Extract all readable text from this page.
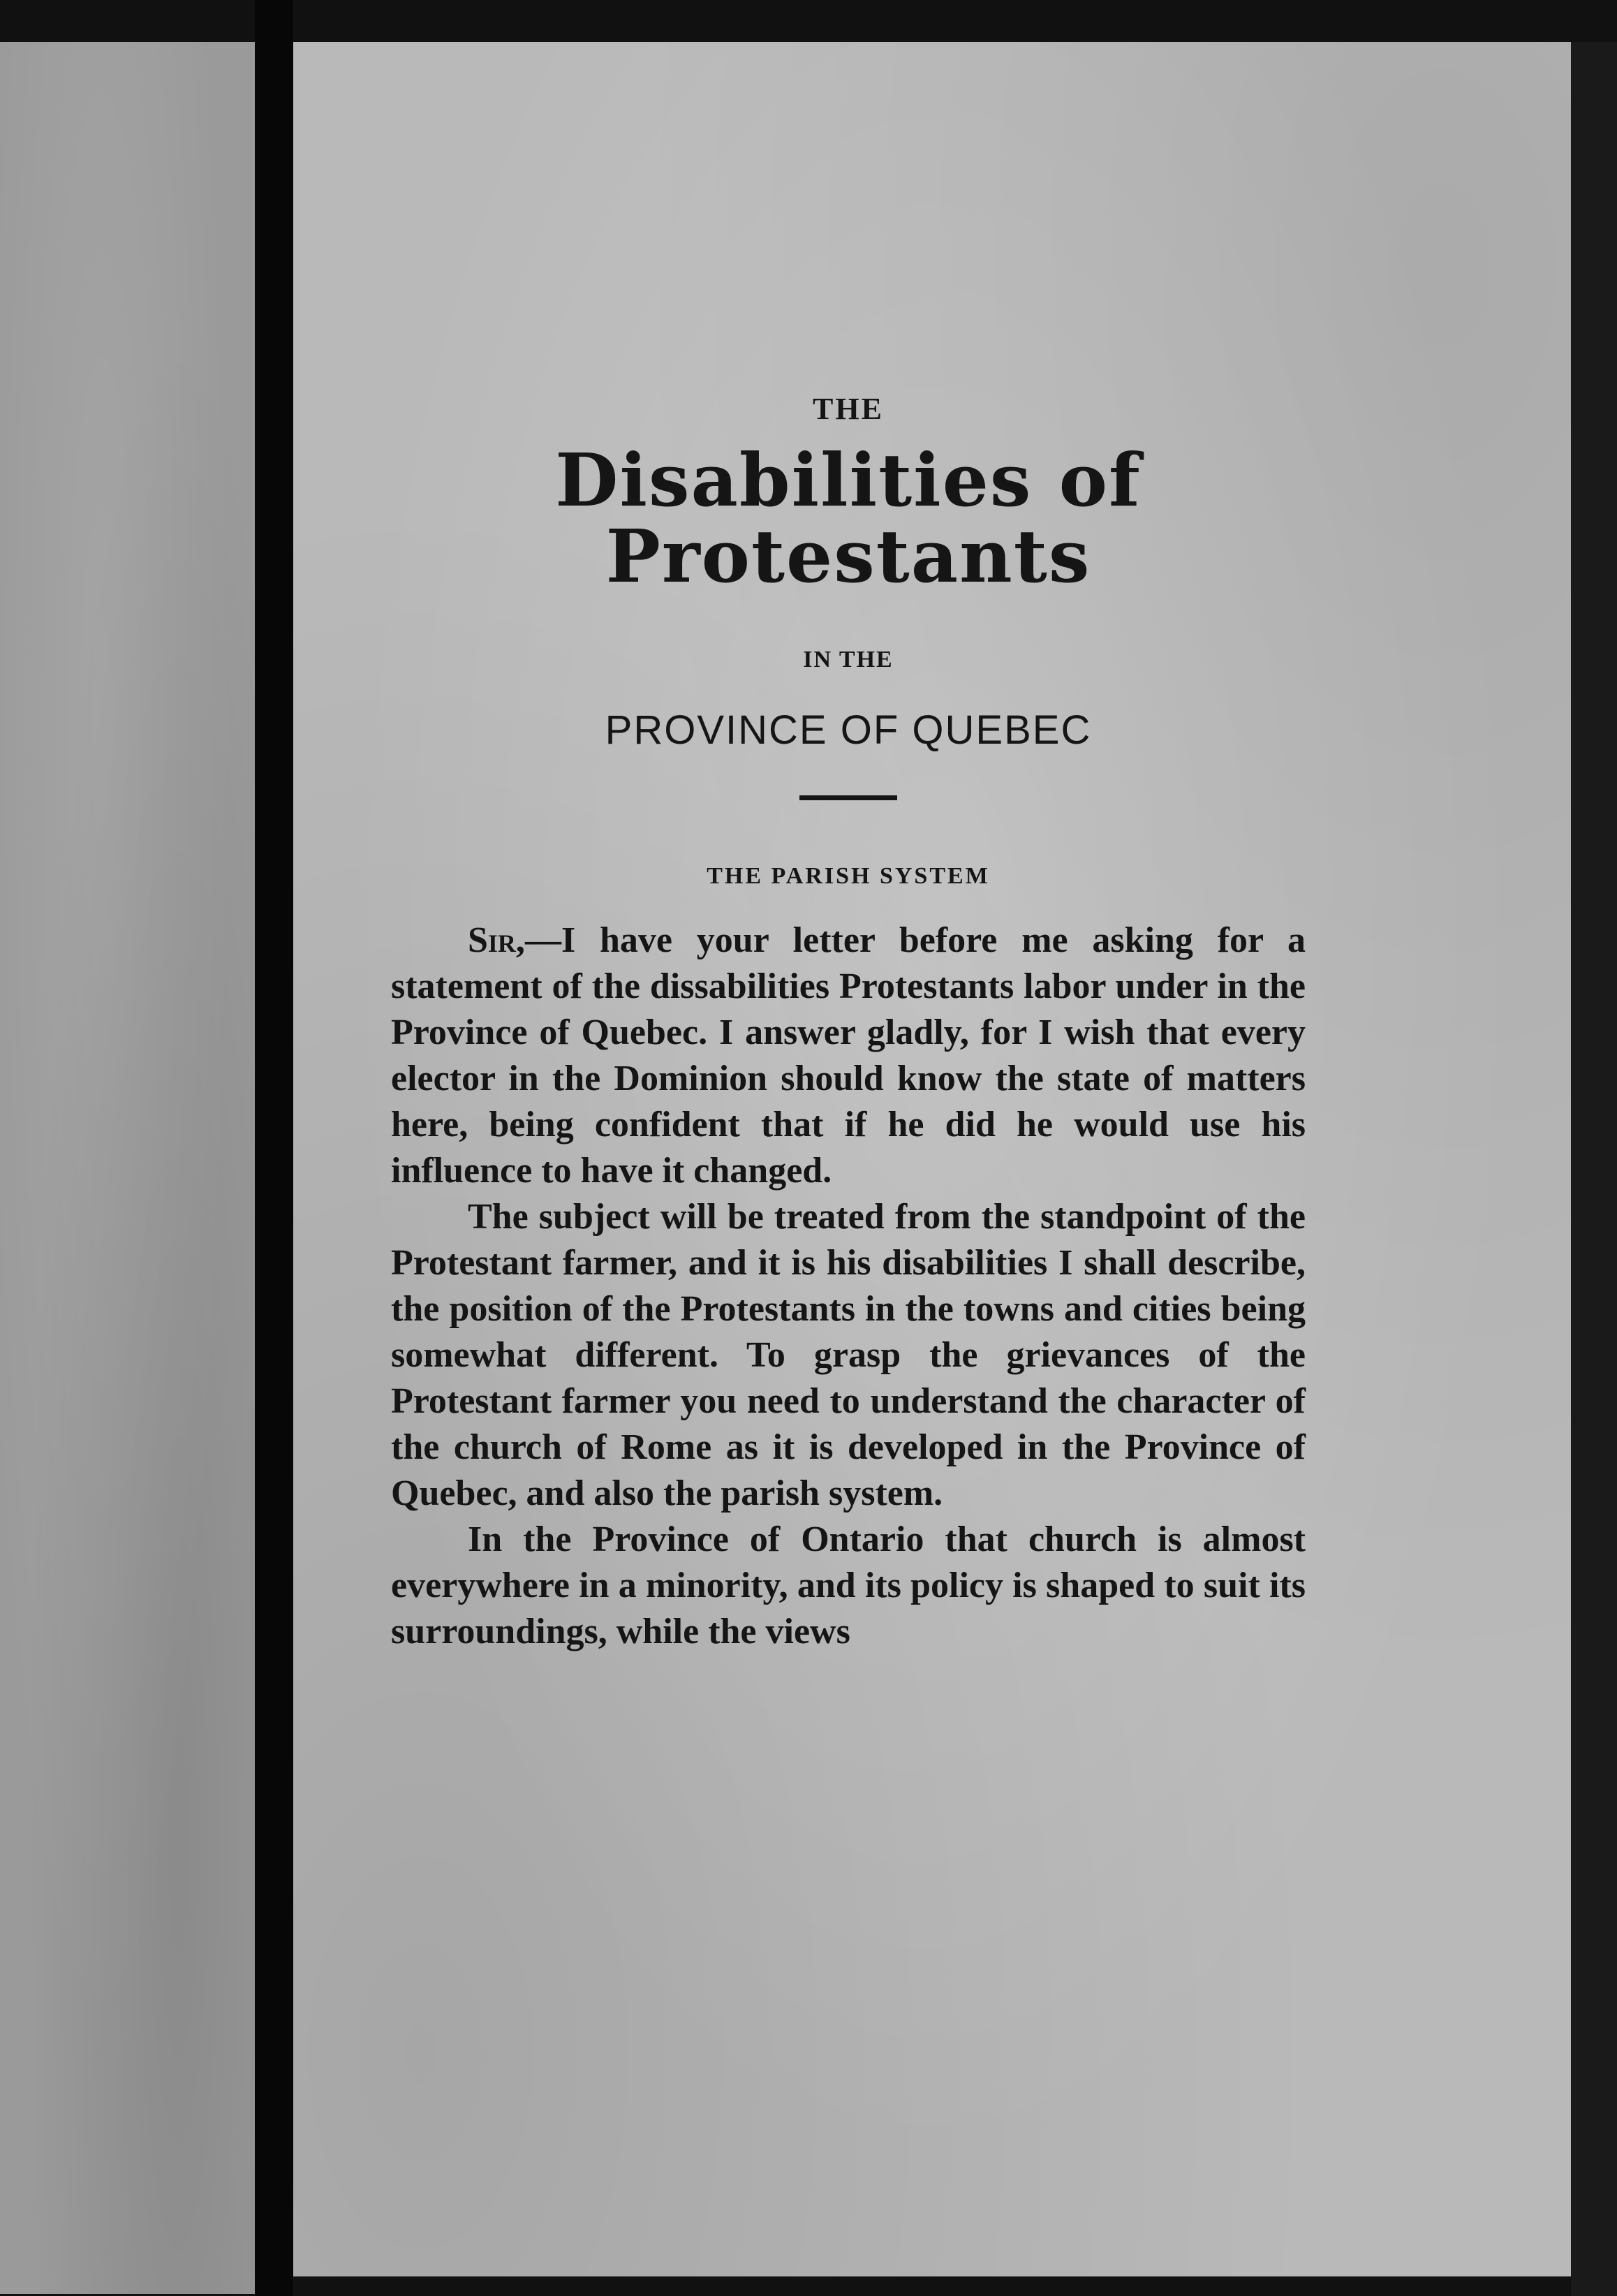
THE
Disabilities of Protestants
IN THE
PROVINCE OF QUEBEC
THE PARISH SYSTEM

Sir,—I have your letter before me asking for a statement of the dissabilities Protestants labor under in the Province of Quebec. I answer gladly, for I wish that every elector in the Dominion should know the state of matters here, being confident that if he did he would use his influence to have it changed.

The subject will be treated from the standpoint of the Protestant farmer, and it is his disabilities I shall describe, the position of the Protestants in the towns and cities being somewhat different. To grasp the grievances of the Protestant farmer you need to understand the character of the church of Rome as it is developed in the Province of Quebec, and also the parish system.

In the Province of Ontario that church is almost everywhere in a minority, and its policy is shaped to suit its surroundings, while the views
